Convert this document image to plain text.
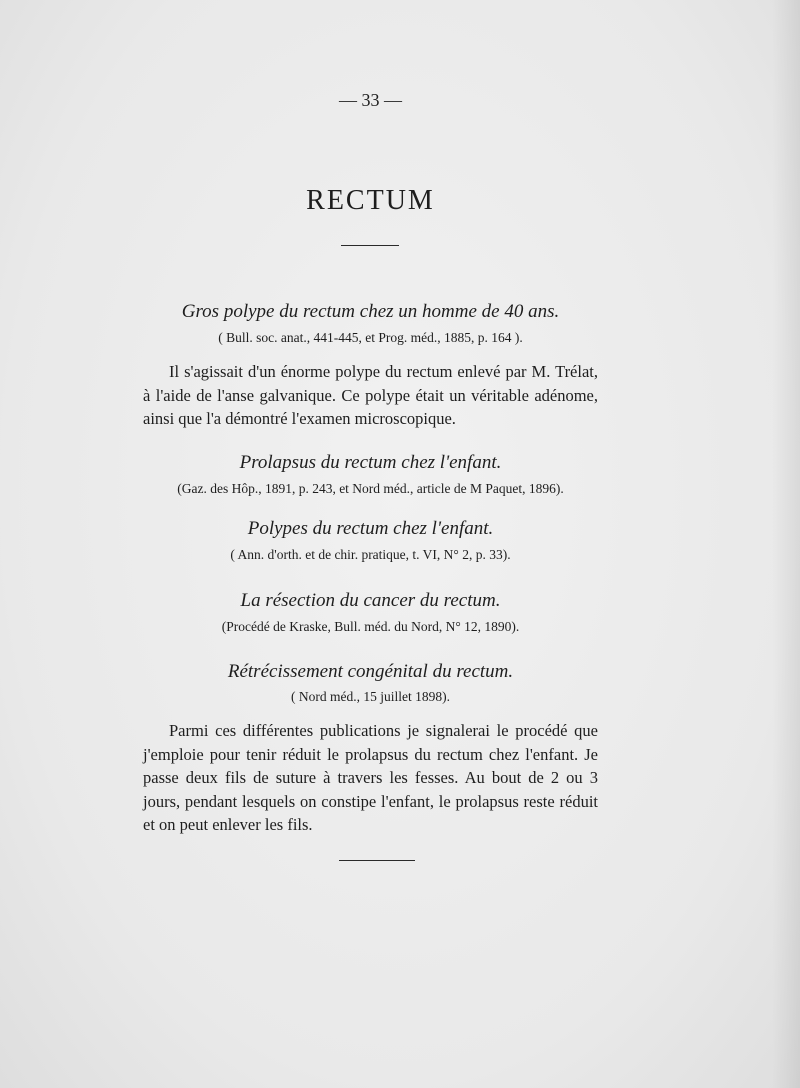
— 33 —
RECTUM
Gros polype du rectum chez un homme de 40 ans.
( Bull. soc. anat., 441-445, et Prog. méd., 1885, p. 164 ).

Il s'agissait d'un énorme polype du rectum enlevé par M. Trélat, à l'aide de l'anse galvanique. Ce polype était un véritable adénome, ainsi que l'a démontré l'examen microscopique.

Prolapsus du rectum chez l'enfant.
(Gaz. des Hôp., 1891, p. 243, et Nord méd., article de M Paquet, 1896).
Polypes du rectum chez l'enfant.
( Ann. d'orth. et de chir. pratique, t. VI, N° 2, p. 33).
La résection du cancer du rectum.
(Procédé de Kraske, Bull. méd. du Nord, N° 12, 1890).
Rétrécissement congénital du rectum.
( Nord méd., 15 juillet 1898).

Parmi ces différentes publications je signalerai le procédé que j'emploie pour tenir réduit le prolapsus du rectum chez l'enfant. Je passe deux fils de suture à travers les fesses. Au bout de 2 ou 3 jours, pendant lesquels on constipe l'enfant, le prolapsus reste réduit et on peut enlever les fils.
